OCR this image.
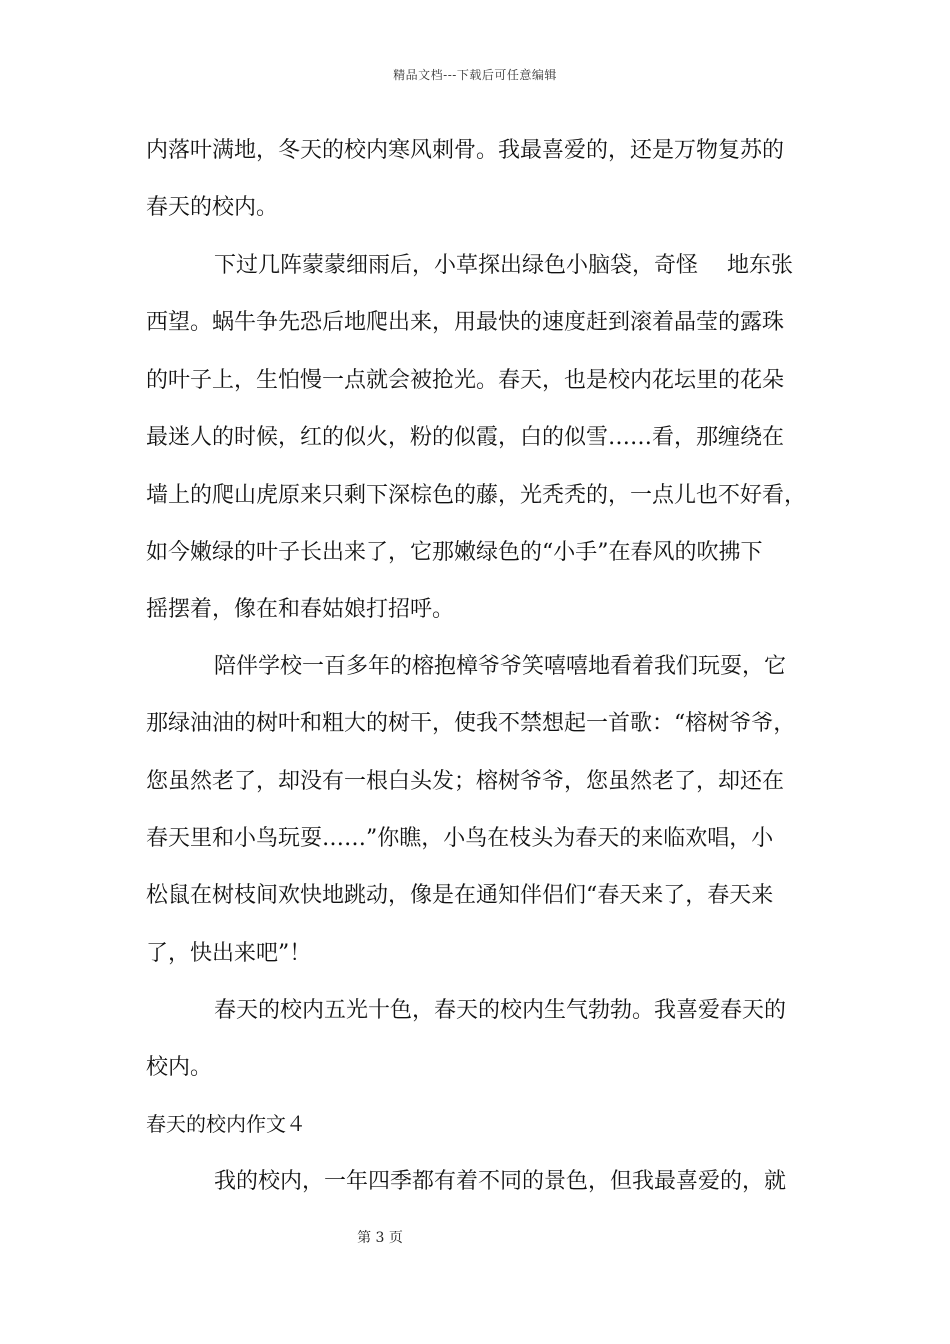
精品文档---下载后可任意编辑
内落叶满地，冬天的校内寒风刺骨。我最喜爱的，还是万物复苏的
春天的校内。
下过几阵蒙蒙细雨后，小草探出绿色小脑袋，奇怪　 地东张
西望。蜗牛争先恐后地爬出来，用最快的速度赶到滚着晶莹的露珠
的叶子上，生怕慢一点就会被抢光。春天，也是校内花坛里的花朵
最迷人的时候，红的似火，粉的似霞，白的似雪……看，那缠绕在
墙上的爬山虎原来只剩下深棕色的藤，光秃秃的，一点儿也不好看，
如今嫩绿的叶子长出来了，它那嫩绿色的“小手”在春风的吹拂下
摇摆着，像在和春姑娘打招呼。
陪伴学校一百多年的榕抱樟爷爷笑嘻嘻地看着我们玩耍，它
那绿油油的树叶和粗大的树干，使我不禁想起一首歌：“榕树爷爷，
您虽然老了，却没有一根白头发；榕树爷爷，您虽然老了，却还在
春天里和小鸟玩耍……”你瞧，小鸟在枝头为春天的来临欢唱，小
松鼠在树枝间欢快地跳动，像是在通知伴侣们“春天来了，春天来
了，快出来吧”！
春天的校内五光十色，春天的校内生气勃勃。我喜爱春天的
校内。
春天的校内作文４
我的校内，一年四季都有着不同的景色，但我最喜爱的，就
第 3 页
